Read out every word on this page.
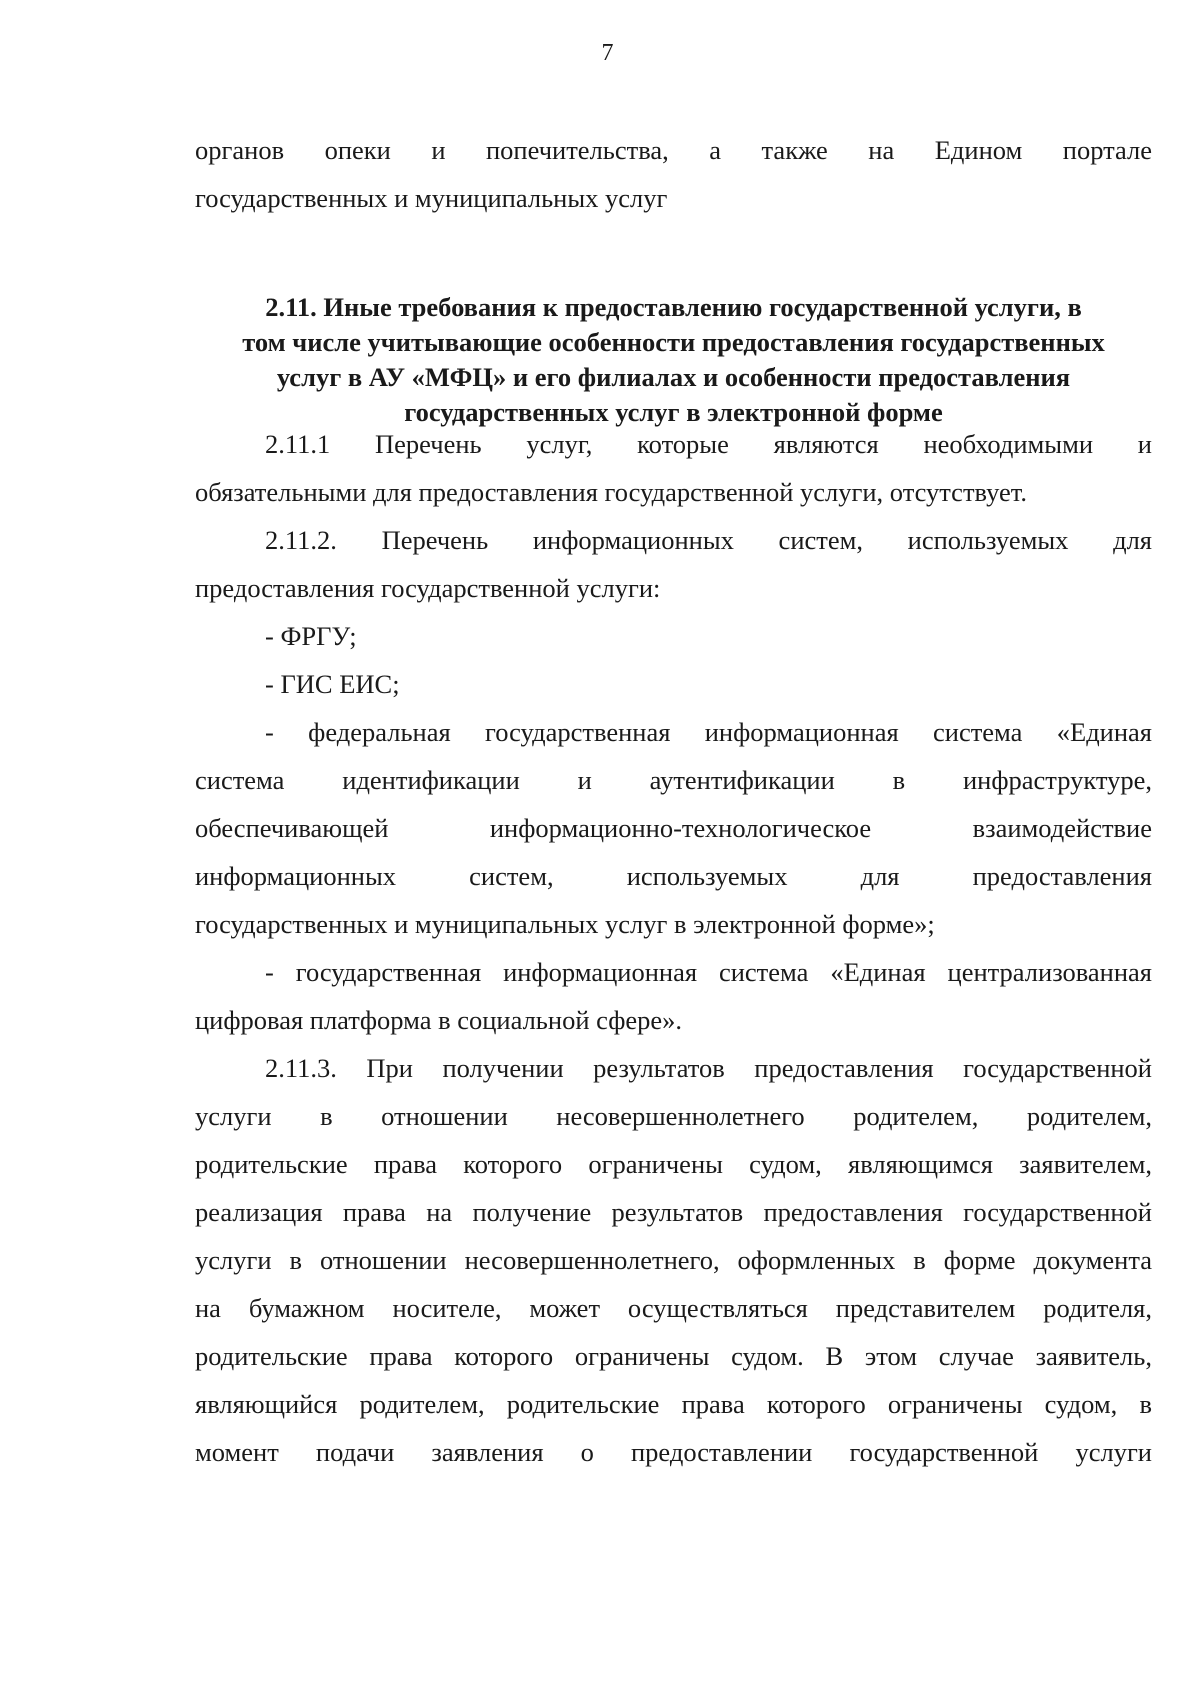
7
органов опеки и попечительства, а также на Едином портале
государственных и муниципальных услуг
2.11. Иные требования к предоставлению государственной услуги, в
том числе учитывающие особенности предоставления государственных
услуг в АУ «МФЦ» и его филиалах и особенности предоставления
государственных услуг в электронной форме
2.11.1 Перечень услуг, которые являются необходимыми и
обязательными для предоставления государственной услуги, отсутствует.
2.11.2. Перечень информационных систем, используемых для
предоставления государственной услуги:
- ФРГУ;
- ГИС ЕИС;
- федеральная государственная информационная система «Единая
система идентификации и аутентификации в инфраструктуре,
обеспечивающей информационно-технологическое взаимодействие
информационных систем, используемых для предоставления
государственных и муниципальных услуг в электронной форме»;
- государственная информационная система «Единая централизованная
цифровая платформа в социальной сфере».
2.11.3. При получении результатов предоставления государственной
услуги в отношении несовершеннолетнего родителем, родителем,
родительские права которого ограничены судом, являющимся заявителем,
реализация права на получение результатов предоставления государственной
услуги в отношении несовершеннолетнего, оформленных в форме документа
на бумажном носителе, может осуществляться представителем родителя,
родительские права которого ограничены судом. В этом случае заявитель,
являющийся родителем, родительские права которого ограничены судом, в
момент подачи заявления о предоставлении государственной услуги
